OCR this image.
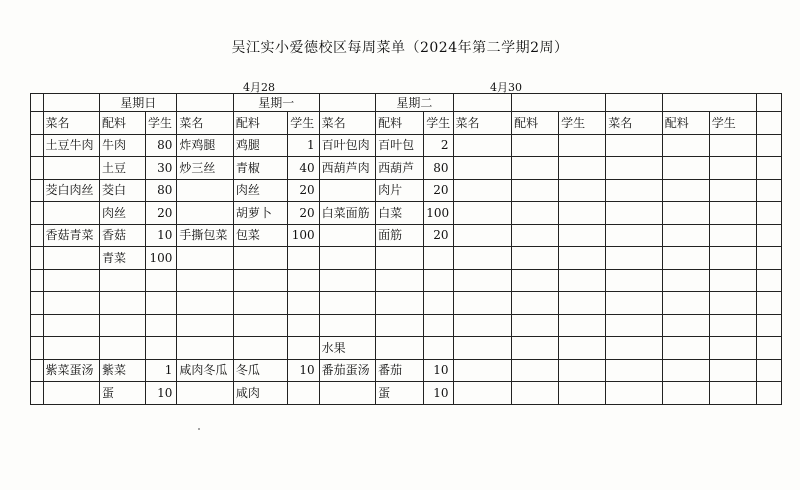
吴江实小爱德校区每周菜单（2024年第二学期2周）
4月28	4月30
		星期日			星期一			星期二								
	菜名	配料	学生	菜名	配料	学生	菜名	配料	学生	菜名	配料	学生	菜名	配料	学生	
	土豆牛肉	牛肉	80	炸鸡腿	鸡腿	1	百叶包肉	百叶包	2							
		土豆	30	炒三丝	青椒	40	西葫芦肉	西葫芦	80							
	茭白肉丝	茭白	80		肉丝	20		肉片	20							
		肉丝	20		胡萝卜	20	白菜面筋	白菜	100							
	香菇青菜	香菇	10	手撕包菜	包菜	100		面筋	20							
		青菜	100													

							水果									
	紫菜蛋汤	紫菜	1	咸肉冬瓜	冬瓜	10	番茄蛋汤	番茄	10							
		蛋	10		咸肉			蛋	10							
